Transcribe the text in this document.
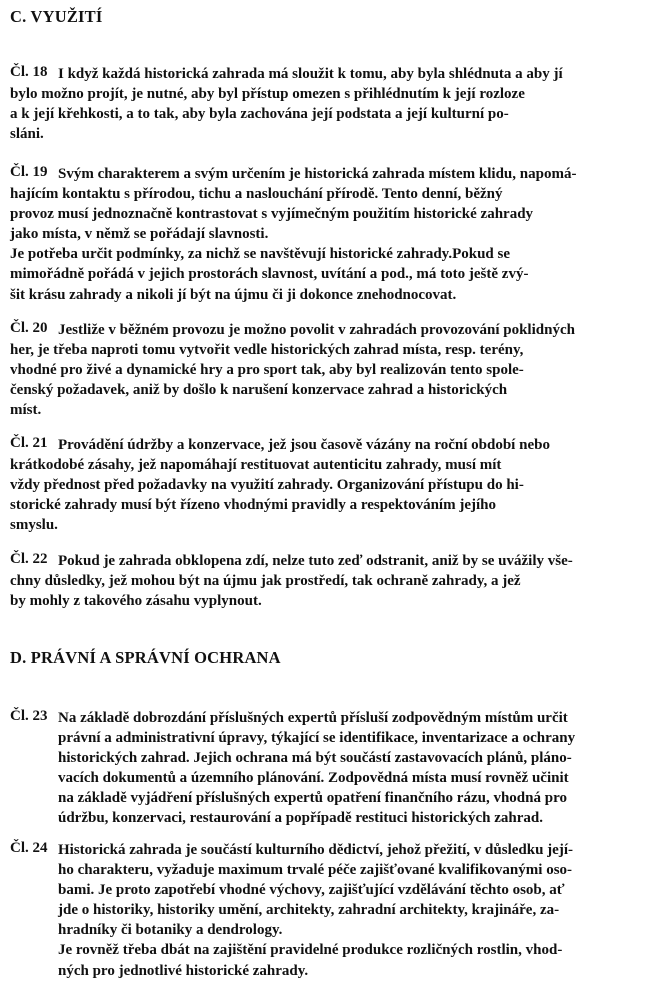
C. VYUŽITÍ
Čl. 18 I když každá historická zahrada má sloužit k tomu, aby byla shlédnuta a aby jí
bylo možno projít, je nutné, aby byl přístup omezen s přihlédnutím k její rozloze
a k její křehkosti, a to tak, aby byla zachována její podstata a její kulturní po-
sláni.
Čl. 19 Svým charakterem a svým určením je historická zahrada místem klidu, napomá-
hajícím kontaktu s přírodou, tichu a naslouchání přírodě. Tento denní, běžný
provoz musí jednoznačně kontrastovat s vyjímečným použitím historické zahrady
jako místa, v němž se pořádají slavnosti.
Je potřeba určit podmínky, za nichž se navštěvují historické zahrady.Pokud se
mimořádně pořádá v jejich prostorách slavnost, uvítání a pod., má toto ještě zvý-
šit krásu zahrady a nikoli jí být na újmu či ji dokonce znehodnocovat.
Čl. 20 Jestliže v běžném provozu je možno povolit v zahradách provozování poklidných
her, je třeba naproti tomu vytvořit vedle historických zahrad místa, resp. terény,
vhodné pro živé a dynamické hry a pro sport tak, aby byl realizován tento spole-
čenský požadavek, aniž by došlo k narušení konzervace zahrad a historických
míst.
Čl. 21 Provádění údržby a konzervace, jež jsou časově vázány na roční období nebo
krátkodobé zásahy, jež napomáhají restituovat autenticitu zahrady, musí mít
vždy přednost před požadavky na využití zahrady. Organizování přístupu do hi-
storické zahrady musí být řízeno vhodnými pravidly a respektováním jejího
smyslu.
Čl. 22 Pokud je zahrada obklopena zdí, nelze tuto zeď odstranit, aniž by se uvážily vše-
chny důsledky, jež mohou být na újmu jak prostředí, tak ochraně zahrady, a jež
by mohly z takového zásahu vyplynout.
D. PRÁVNÍ A SPRÁVNÍ OCHRANA
Čl. 23 Na základě dobrozdání příslušných expertů přísluší zodpovědným místům určit
právní a administrativní úpravy, týkající se identifikace, inventarizace a ochrany
historických zahrad. Jejich ochrana má být součástí zastavovacích plánů, pláno-
vacích dokumentů a územního plánování. Zodpovědná místa musí rovněž učinit
na základě vyjádření příslušných expertů opatření finančního rázu, vhodná pro
údržbu, konzervaci, restaurování a popřípadě restituci historických zahrad.
Čl. 24 Historická zahrada je součástí kulturního dědictví, jehož přežití, v důsledku její-
ho charakteru, vyžaduje maximum trvalé péče zajišťované kvalifikovanými oso-
bami. Je proto zapotřebí vhodné výchovy, zajišťující vzdělávání těchto osob, ať
jde o historiky, historiky umění, architekty, zahradní architekty, krajináře, za-
hradníky či botaniky a dendrology.
Je rovněž třeba dbát na zajištění pravidelné produkce rozličných rostlin, vhod-
ných pro jednotlivé historické zahrady.
